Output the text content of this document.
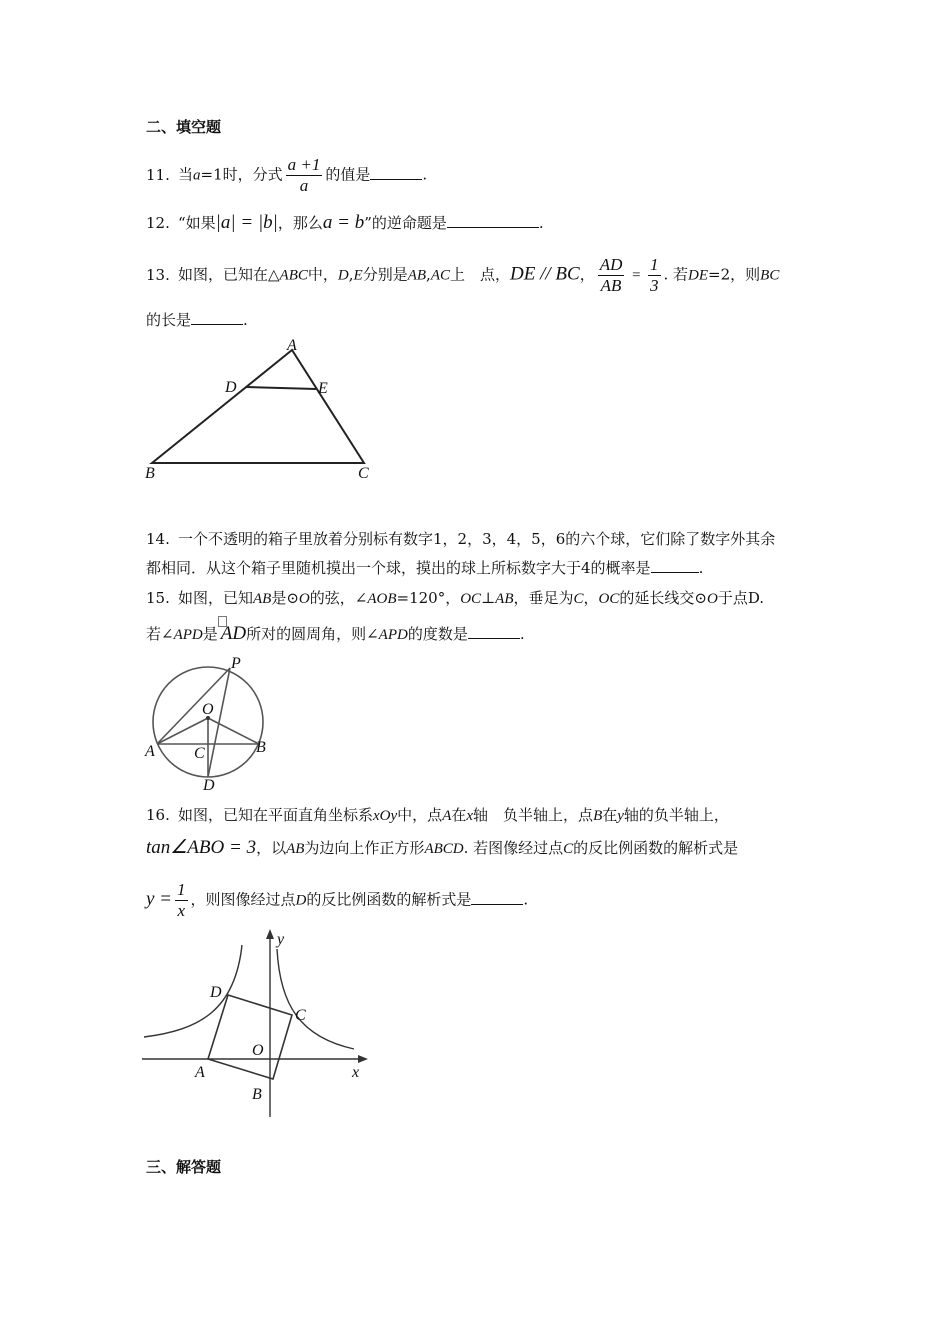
二、填空题
11. 当a=1时，分式 $\frac{a +1}{a}$ 的值是	.
12. “如果|a| = |b|，那么a = b”的逆命题是	.
13. 如图，已知在△ABC中，D,E分别是AB,AC上　点，DE // BC， $\frac{AD}{AB} = \frac{1}{3}$ . 若DE=2，则BC
的长是	.
A
D	E
B	C
14. 一个不透明的箱子里放着分别标有数字1，2，3，4，5，6的六个球，它们除了数字外其余
都相同．从这个箱子里随机摸出一个球，摸出的球上所标数字大于4的概率是	.
15. 如图，已知AB是⊙O的弦，∠AOB=120°，OC⊥AB，垂足为C，OC的延长线交⊙O于点D.
若∠APD是 AD所对的圆周角，则∠APD的度数是	.
P
O
A	B
C
D
16. 如图，已知在平面直角坐标系xOy中，点A在x轴　负半轴上，点B在y轴的负半轴上，
tan∠ABO = 3，以AB为边向上作正方形ABCD. 若图像经过点C的反比例函数的解析式是
$y = \frac{1}{x}$ ，则图像经过点D的反比例函数的解析式是	.
y
x
D
C
O
A
B
三、解答题
